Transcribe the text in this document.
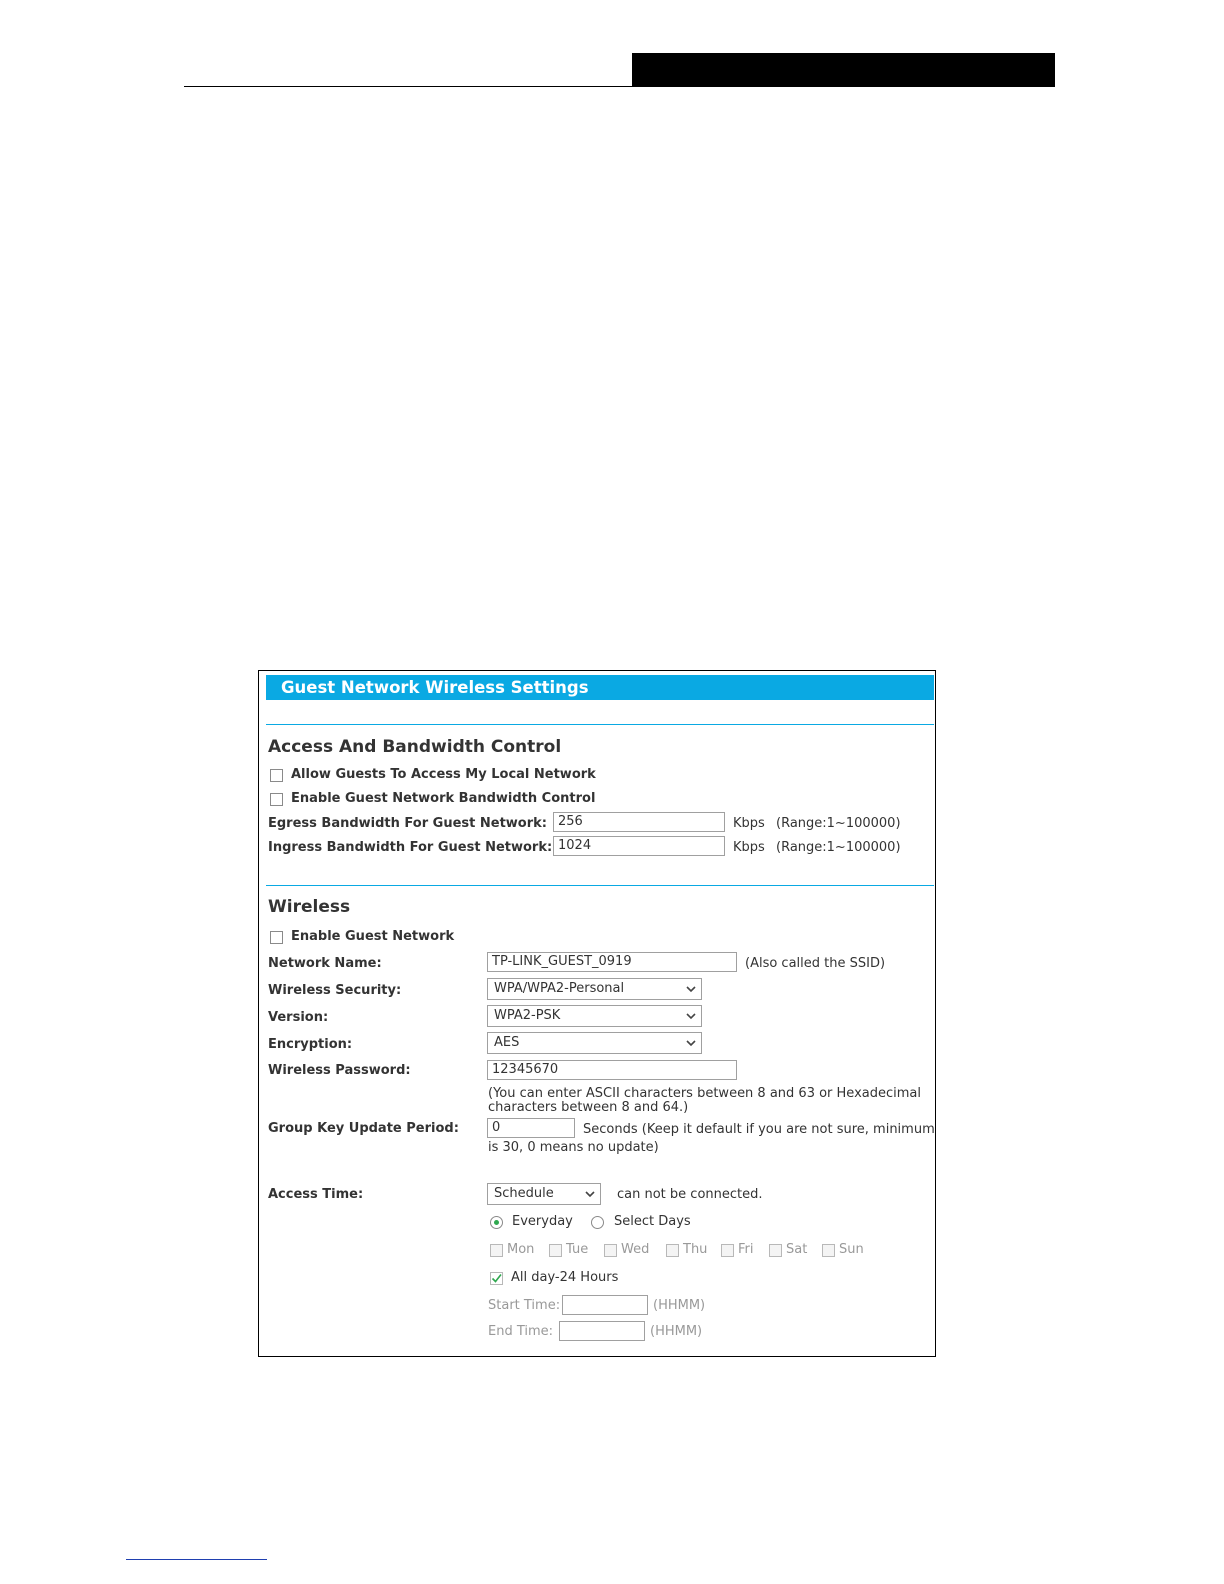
Guest Network Wireless Settings
Access And Bandwidth Control
Allow Guests To Access My Local Network
Enable Guest Network Bandwidth Control
Egress Bandwidth For Guest Network: 256	Kbps (Range:1~100000)
Ingress Bandwidth For Guest Network: 1024	Kbps (Range:1~100000)
Wireless
Enable Guest Network
Network Name:	TP-LINK_GUEST_0919	(Also called the SSID)
Wireless Security:	WPA/WPA2-Personal
Version:	WPA2-PSK
Encryption:	AES
Wireless Password:	12345670
(You can enter ASCII characters between 8 and 63 or Hexadecimal
characters between 8 and 64.)
Group Key Update Period:	0	Seconds (Keep it default if you are not sure, minimum
is 30, 0 means no update)
Access Time:	Schedule	can not be connected.
Everyday	Select Days
Mon Tue	Wed	Thu Fri	Sat Sun
All day-24 Hours
Start Time:	(HHMM)
End Time:	(HHMM)
